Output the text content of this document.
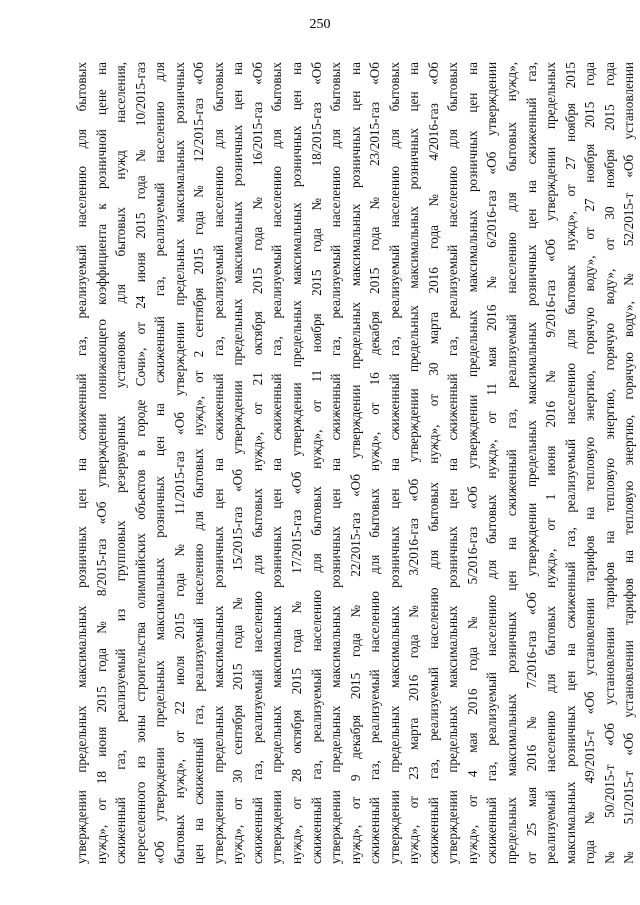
250
утверждении предельных максимальных розничных цен на сжиженный газ, реализуемый населению для бытовых нужд», от 18 июня 2015 года № 8/2015-газ «Об утверждении понижающего коэффициента к розничной цене на сжиженный газ, реализуемый из групповых резервуарных установок для бытовых нужд населения, переселенного из зоны строительства олимпийских объектов в городе Сочи», от 24 июня 2015 года № 10/2015-газ «Об утверждении предельных максимальных розничных цен на сжиженный газ, реализуемый населению для бытовых нужд», от 22 июля 2015 года № 11/2015-газ «Об утверждении предельных максимальных розничных цен на сжиженный газ, реализуемый населению для бытовых нужд», от 2 сентября 2015 года № 12/2015-газ «Об утверждении предельных максимальных розничных цен на сжиженный газ, реализуемый населению для бытовых нужд», от 30 сентября 2015 года № 15/2015-газ «Об утверждении предельных максимальных розничных цен на сжиженный газ, реализуемый населению для бытовых нужд», от 21 октября 2015 года № 16/2015-газ «Об утверждении предельных максимальных розничных цен на сжиженный газ, реализуемый населению для бытовых нужд», от 28 октября 2015 года № 17/2015-газ «Об утверждении предельных максимальных розничных цен на сжиженный газ, реализуемый населению для бытовых нужд», от 11 ноября 2015 года № 18/2015-газ «Об утверждении предельных максимальных розничных цен на сжиженный газ, реализуемый населению для бытовых нужд», от 9 декабря 2015 года № 22/2015-газ «Об утверждении предельных максимальных розничных цен на сжиженный газ, реализуемый населению для бытовых нужд», от 16 декабря 2015 года № 23/2015-газ «Об утверждении предельных максимальных розничных цен на сжиженный газ, реализуемый населению для бытовых нужд», от 23 марта 2016 года № 3/2016-газ «Об утверждении предельных максимальных розничных цен на сжиженный газ, реализуемый населению для бытовых нужд», от 30 марта 2016 года № 4/2016-газ «Об утверждении предельных максимальных розничных цен на сжиженный газ, реализуемый населению для бытовых нужд», от 4 мая 2016 года № 5/2016-газ «Об утверждении предельных максимальных розничных цен на сжиженный газ, реализуемый населению для бытовых нужд», от 11 мая 2016 № 6/2016-газ «Об утверждении предельных максимальных розничных цен на сжиженный газ, реализуемый населению для бытовых нужд», от 25 мая 2016 № 7/2016-газ «Об утверждении предельных максимальных розничных цен на сжиженный газ, реализуемый населению для бытовых нужд», от 1 июня 2016 № 9/2016-газ «Об утверждении предельных максимальных розничных цен на сжиженный газ, реализуемый населению для бытовых нужд», от 27 ноября 2015 года № 49/2015-т «Об установлении тарифов на тепловую энергию, горячую воду», от 27 ноября 2015 года № 50/2015-т «Об установлении тарифов на тепловую энергию, горячую воду», от 30 ноября 2015 года № 51/2015-т «Об установлении тарифов на тепловую энергию, горячую воду», № 52/2015-т «Об установлении
